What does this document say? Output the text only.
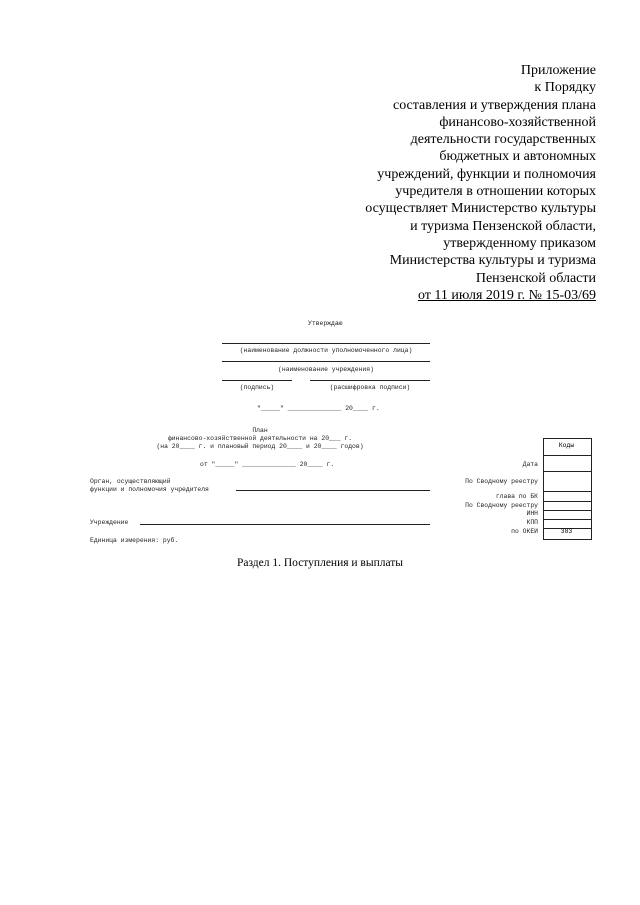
Приложение
к Порядку
составления и утверждения плана
финансово-хозяйственной
деятельности государственных
бюджетных и автономных
учреждений, функции и полномочия
учредителя в отношении которых
осуществляет Министерство культуры
и туризма Пензенской области,
утвержденному приказом
Министерства культуры и туризма
Пензенской области
от 11 июля 2019 г. № 15-03/69
Утверждаю
(наименование должности уполномоченного лица)
(наименование учреждения)
(подпись)	(расшифровка подписи)
"_____" ______________ 20____ г.
План
финансово-хозяйственной деятельности на 20___ г.
(на 20____ г. и плановый период 20____ и 20____ годов)
от "_____" ______________ 20____ г.
Орган, осуществляющий
функции и полномочия учредителя
Учреждение
Единица измерения: руб.
Дата
По Сводному реестру
глава по БК
По Сводному реестру
ИНН
КПП
по ОКЕИ
Коды
383
Раздел 1. Поступления и выплаты
